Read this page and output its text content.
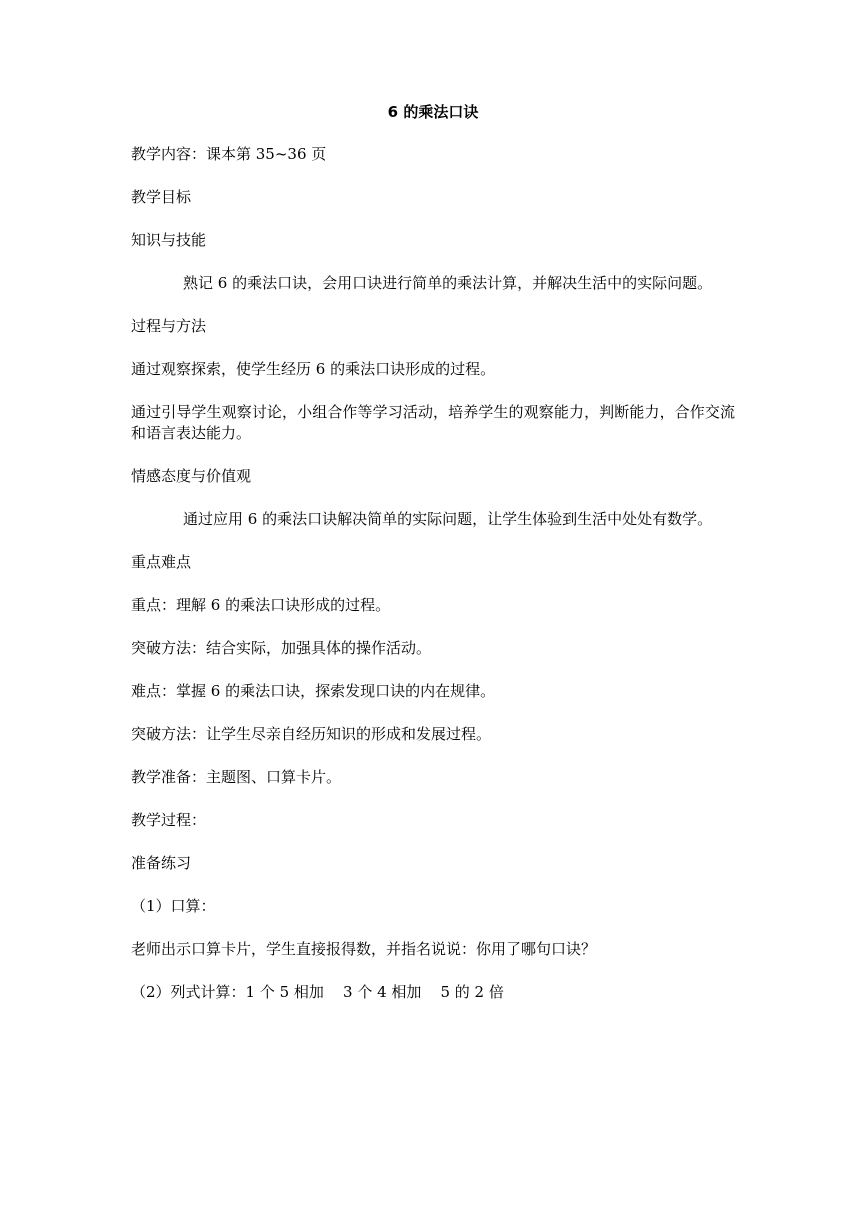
6 的乘法口诀
教学内容：课本第 35~36 页
教学目标
知识与技能
熟记 6 的乘法口诀，会用口诀进行简单的乘法计算，并解决生活中的实际问题。
过程与方法
通过观察探索，使学生经历 6 的乘法口诀形成的过程。
通过引导学生观察讨论，小组合作等学习活动，培养学生的观察能力，判断能力，合作交流和语言表达能力。
情感态度与价值观
通过应用 6 的乘法口诀解决简单的实际问题，让学生体验到生活中处处有数学。
重点难点
重点：理解 6 的乘法口诀形成的过程。
突破方法：结合实际，加强具体的操作活动。
难点：掌握 6 的乘法口诀，探索发现口诀的内在规律。
突破方法：让学生尽亲自经历知识的形成和发展过程。
教学准备：主题图、口算卡片。
教学过程：
准备练习
（1）口算：
老师出示口算卡片，学生直接报得数，并指名说说：你用了哪句口诀？
（2）列式计算：1 个 5 相加    3 个 4 相加    5 的 2 倍
